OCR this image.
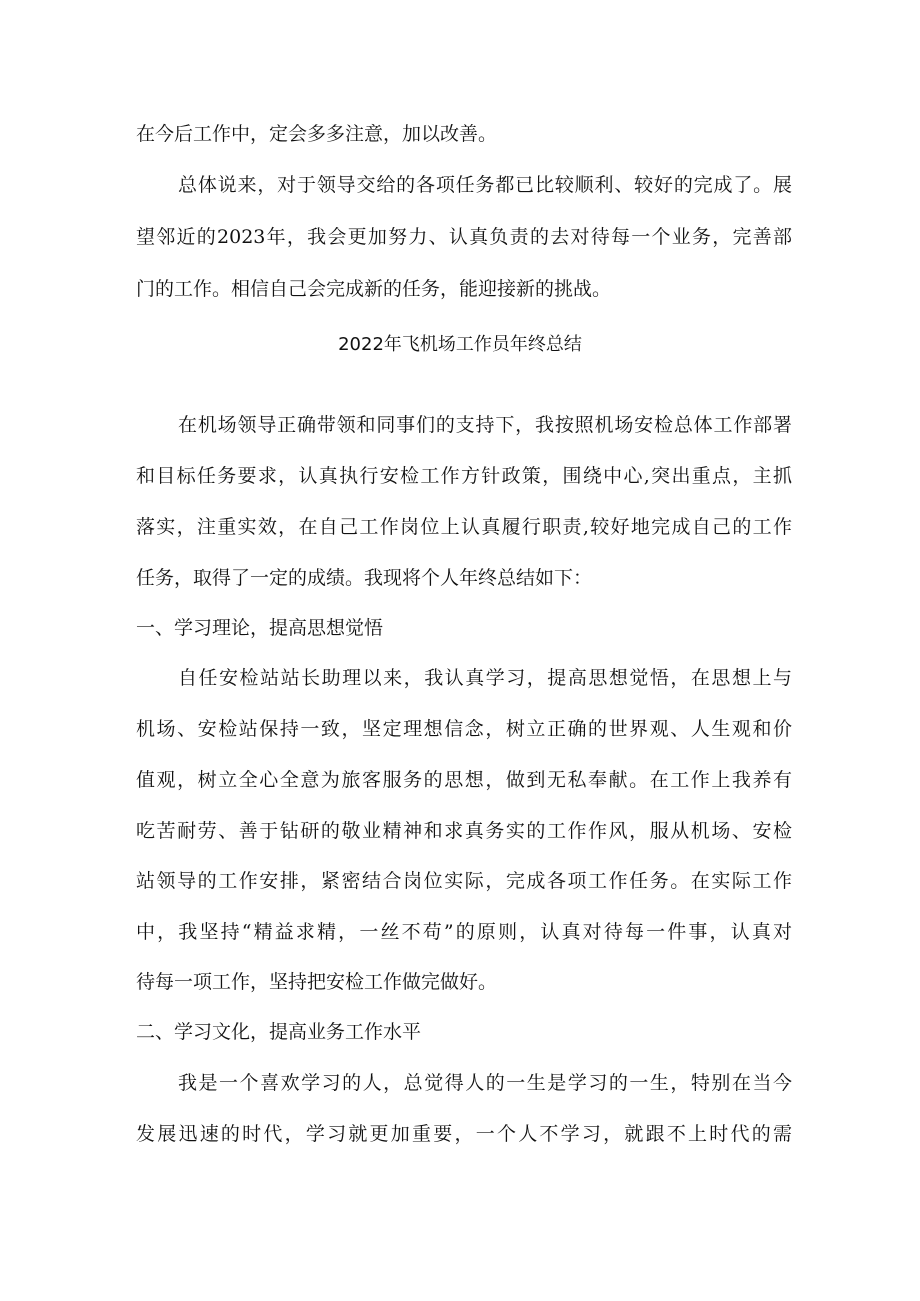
在今后工作中，定会多多注意，加以改善。
总体说来，对于领导交给的各项任务都已比较顺利、较好的完成了。展
望邻近的2023年，我会更加努力、认真负责的去对待每一个业务，完善部
门的工作。相信自己会完成新的任务，能迎接新的挑战。
2022年飞机场工作员年终总结
在机场领导正确带领和同事们的支持下，我按照机场安检总体工作部署
和目标任务要求，认真执行安检工作方针政策，围绕中心,突出重点，主抓
落实，注重实效，在自己工作岗位上认真履行职责,较好地完成自己的工作
任务，取得了一定的成绩。我现将个人年终总结如下：
一、学习理论，提高思想觉悟
自任安检站站长助理以来，我认真学习，提高思想觉悟，在思想上与
机场、安检站保持一致，坚定理想信念，树立正确的世界观、人生观和价
值观，树立全心全意为旅客服务的思想，做到无私奉献。在工作上我养有
吃苦耐劳、善于钻研的敬业精神和求真务实的工作作风，服从机场、安检
站领导的工作安排，紧密结合岗位实际，完成各项工作任务。在实际工作
中，我坚持“精益求精，一丝不苟”的原则，认真对待每一件事，认真对
待每一项工作，坚持把安检工作做完做好。
二、学习文化，提高业务工作水平
我是一个喜欢学习的人，总觉得人的一生是学习的一生，特别在当今
发展迅速的时代，学习就更加重要，一个人不学习，就跟不上时代的需
